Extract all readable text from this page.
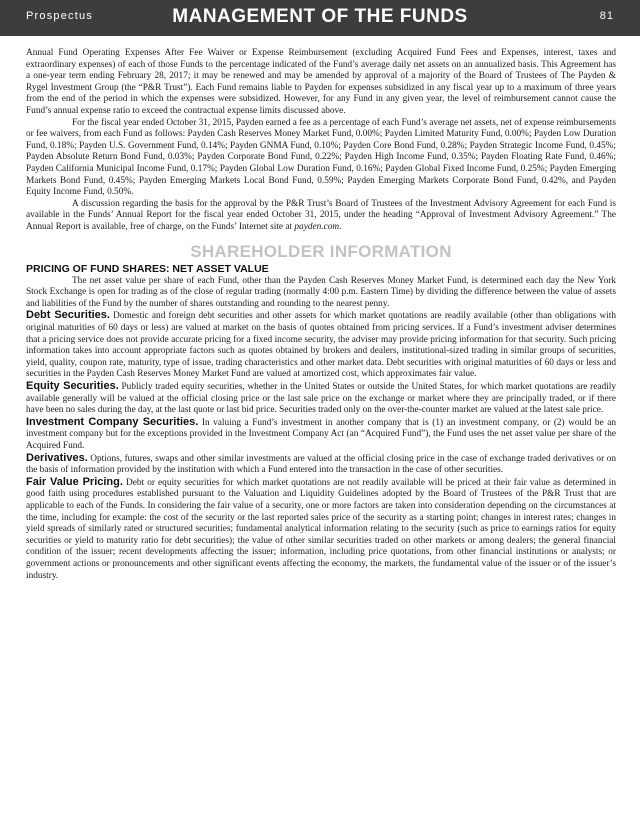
Prospectus	MANAGEMENT OF THE FUNDS	81

Annual Fund Operating Expenses After Fee Waiver or Expense Reimbursement (excluding Acquired Fund Fees and Expenses, interest, taxes and extraordinary expenses) of each of those Funds to the percentage indicated of the Fund’s average daily net assets on an annualized basis. This Agreement has a one-year term ending February 28, 2017; it may be renewed and may be amended by approval of a majority of the Board of Trustees of The Payden & Rygel Investment Group (the “P&R Trust”). Each Fund remains liable to Payden for expenses subsidized in any fiscal year up to a maximum of three years from the end of the period in which the expenses were subsidized. However, for any Fund in any given year, the level of reimbursement cannot cause the Fund’s annual expense ratio to exceed the contractual expense limits discussed above.

For the fiscal year ended October 31, 2015, Payden earned a fee as a percentage of each Fund’s average net assets, net of expense reimbursements or fee waivers, from each Fund as follows: Payden Cash Reserves Money Market Fund, 0.00%; Payden Limited Maturity Fund, 0.00%; Payden Low Duration Fund, 0.18%; Payden U.S. Government Fund, 0.14%; Payden GNMA Fund, 0.10%; Payden Core Bond Fund, 0.28%; Payden Strategic Income Fund, 0.45%; Payden Absolute Return Bond Fund, 0.03%; Payden Corporate Bond Fund, 0.22%; Payden High Income Fund, 0.35%; Payden Floating Rate Fund, 0.46%; Payden California Municipal Income Fund, 0.17%; Payden Global Low Duration Fund, 0.16%; Payden Global Fixed Income Fund, 0.25%; Payden Emerging Markets Bond Fund, 0.45%; Payden Emerging Markets Local Bond Fund, 0.59%; Payden Emerging Markets Corporate Bond Fund, 0.42%, and Payden Equity Income Fund, 0.50%.

A discussion regarding the basis for the approval by the P&R Trust’s Board of Trustees of the Investment Advisory Agreement for each Fund is available in the Funds’ Annual Report for the fiscal year ended October 31, 2015, under the heading “Approval of Investment Advisory Agreement.” The Annual Report is available, free of charge, on the Funds’ Internet site at payden.com.

SHAREHOLDER INFORMATION
PRICING OF FUND SHARES: NET ASSET VALUE

The net asset value per share of each Fund, other than the Payden Cash Reserves Money Market Fund, is determined each day the New York Stock Exchange is open for trading as of the close of regular trading (normally 4:00 p.m. Eastern Time) by dividing the difference between the value of assets and liabilities of the Fund by the number of shares outstanding and rounding to the nearest penny.

Debt Securities. Domestic and foreign debt securities and other assets for which market quotations are readily available (other than obligations with original maturities of 60 days or less) are valued at market on the basis of quotes obtained from pricing services. If a Fund’s investment adviser determines that a pricing service does not provide accurate pricing for a fixed income security, the adviser may provide pricing information for that security. Such pricing information takes into account appropriate factors such as quotes obtained by brokers and dealers, institutional-sized trading in similar groups of securities, yield, quality, coupon rate, maturity, type of issue, trading characteristics and other market data. Debt securities with original maturities of 60 days or less and securities in the Payden Cash Reserves Money Market Fund are valued at amortized cost, which approximates fair value.

Equity Securities. Publicly traded equity securities, whether in the United States or outside the United States, for which market quotations are readily available generally will be valued at the official closing price or the last sale price on the exchange or market where they are principally traded, or if there have been no sales during the day, at the last quote or last bid price. Securities traded only on the over-the-counter market are valued at the latest sale price.

Investment Company Securities. In valuing a Fund’s investment in another company that is (1) an investment company, or (2) would be an investment company but for the exceptions provided in the Investment Company Act (an “Acquired Fund”), the Fund uses the net asset value per share of the Acquired Fund.

Derivatives. Options, futures, swaps and other similar investments are valued at the official closing price in the case of exchange traded derivatives or on the basis of information provided by the institution with which a Fund entered into the transaction in the case of other securities.

Fair Value Pricing. Debt or equity securities for which market quotations are not readily available will be priced at their fair value as determined in good faith using procedures established pursuant to the Valuation and Liquidity Guidelines adopted by the Board of Trustees of the P&R Trust that are applicable to each of the Funds. In considering the fair value of a security, one or more factors are taken into consideration depending on the circumstances at the time, including for example: the cost of the security or the last reported sales price of the security as a starting point; changes in interest rates; changes in yield spreads of similarly rated or structured securities; fundamental analytical information relating to the security (such as price to earnings ratios for equity securities or yield to maturity ratio for debt securities); the value of other similar securities traded on other markets or among dealers; the general financial condition of the issuer; recent developments affecting the issuer; information, including price quotations, from other financial institutions or analysts; or government actions or pronouncements and other significant events affecting the economy, the markets, the fundamental value of the issuer or of the issuer’s industry.
